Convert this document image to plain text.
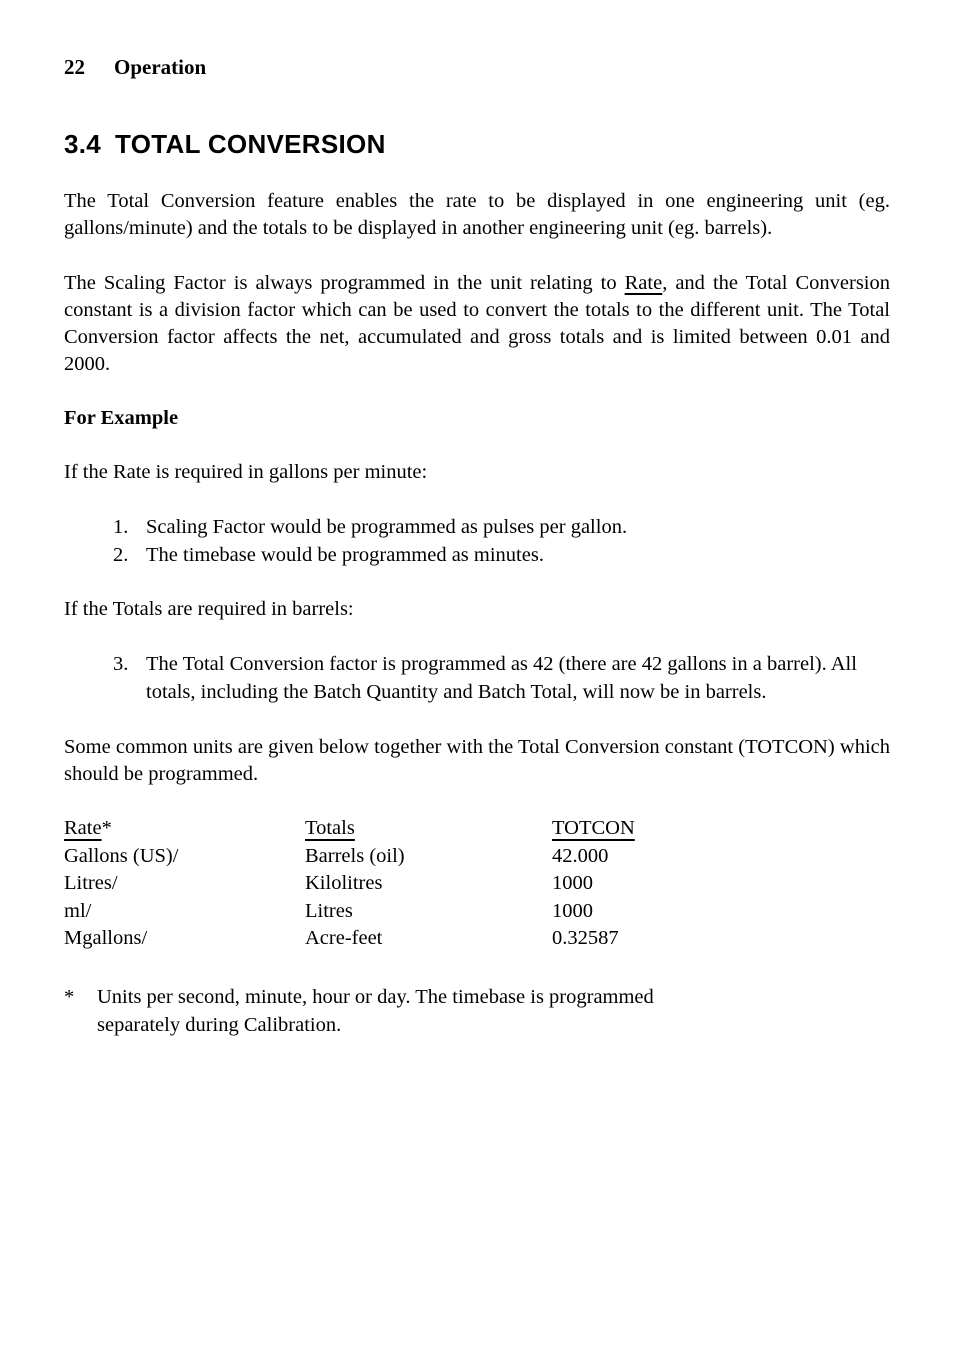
22 Operation
3.4 TOTAL CONVERSION

The Total Conversion feature enables the rate to be displayed in one engineering unit (eg. gallons/minute) and the totals to be displayed in another engineering unit (eg. barrels).

The Scaling Factor is always programmed in the unit relating to Rate, and the Total Conversion constant is a division factor which can be used to convert the totals to the different unit. The Total Conversion factor affects the net, accumulated and gross totals and is limited between 0.01 and 2000.

For Example

If the Rate is required in gallons per minute:

1. Scaling Factor would be programmed as pulses per gallon.
2. The timebase would be programmed as minutes.

If the Totals are required in barrels:

3. The Total Conversion factor is programmed as 42 (there are 42 gallons in a barrel). All totals, including the Batch Quantity and Batch Total, will now be in barrels.

Some common units are given below together with the Total Conversion constant (TOTCON) which should be programmed.

Rate*	Totals	TOTCON
Gallons (US)/	Barrels (oil)	42.000
Litres/	Kilolitres	1000
ml/	Litres	1000
Mgallons/	Acre-feet	0.32587
*	Units per second, minute, hour or day. The timebase is programmed
separately during Calibration.
